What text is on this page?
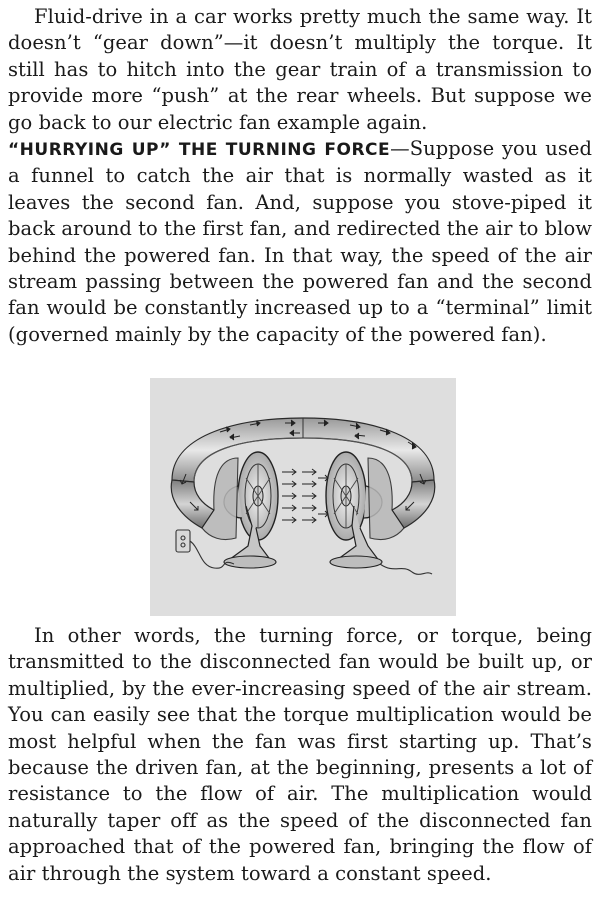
Fluid-drive in a car works pretty much the same way. It doesn’t “gear down”—it doesn’t multiply the torque. It still has to hitch into the gear train of a transmission to provide more “push” at the rear wheels. But suppose we go back to our electric fan example again.

“HURRYING UP” THE TURNING FORCE—Suppose you used a funnel to catch the air that is normally wasted as it leaves the second fan. And, suppose you stove-piped it back around to the first fan, and redirected the air to blow behind the powered fan. In that way, the speed of the air stream passing between the powered fan and the second fan would be constantly increased up to a “terminal” limit (governed mainly by the capacity of the powered fan).

In other words, the turning force, or torque, being transmitted to the disconnected fan would be built up, or multiplied, by the ever-increasing speed of the air stream. You can easily see that the torque multiplication would be most helpful when the fan was first starting up. That’s because the driven fan, at the beginning, presents a lot of resistance to the flow of air. The multiplication would naturally taper off as the speed of the disconnected fan approached that of the powered fan, bringing the flow of air through the system toward a constant speed.
